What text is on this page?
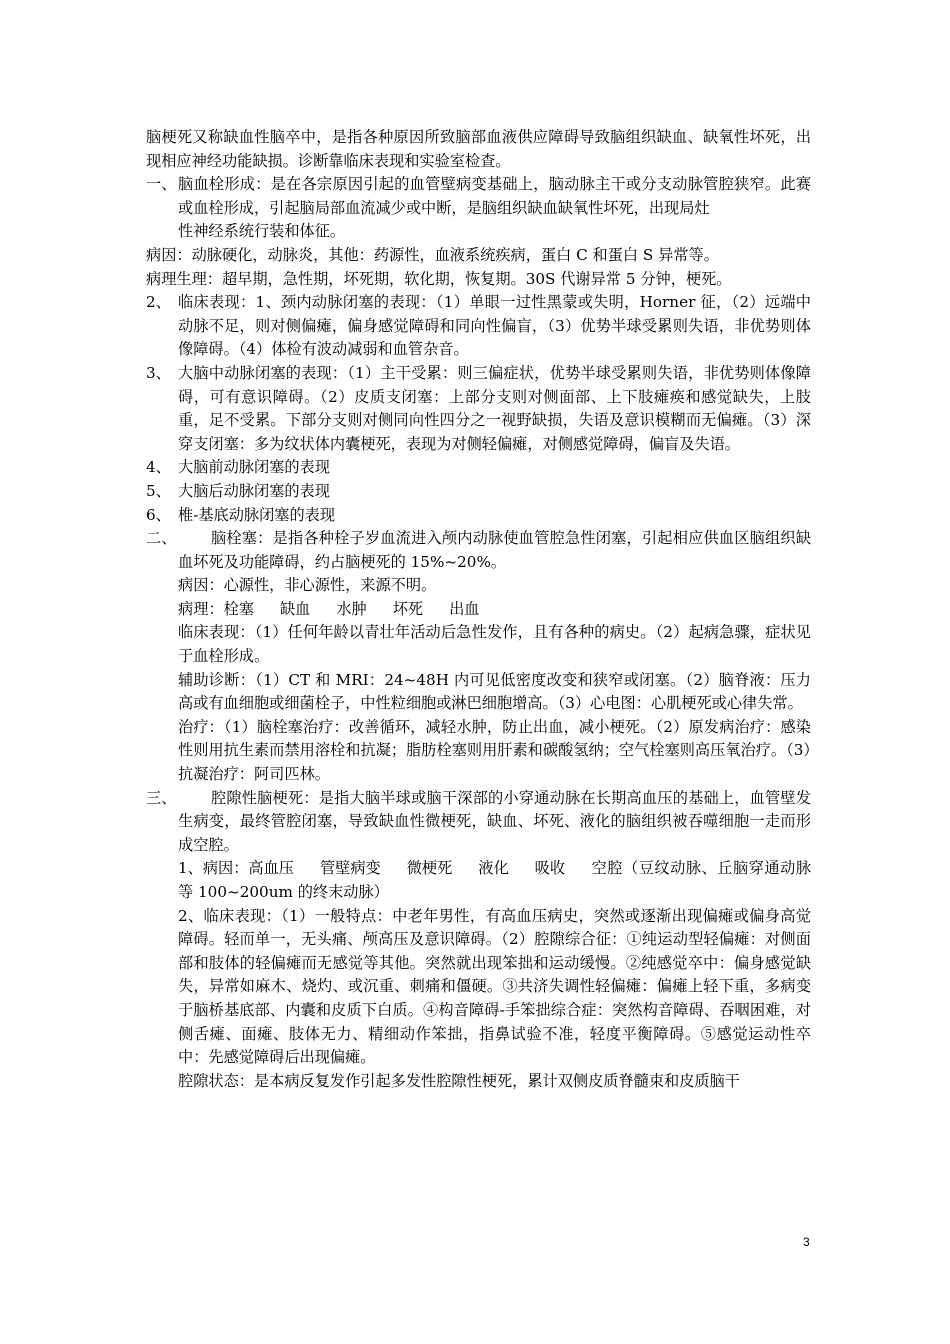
脑梗死又称缺血性脑卒中，是指各种原因所致脑部血液供应障碍导致脑组织缺血、缺氧性坏死，出现相应神经功能缺损。诊断靠临床表现和实验室检查。

一、 脑血栓形成：是在各宗原因引起的血管壁病变基础上，脑动脉主干或分支动脉管腔狭窄。此赛或血栓形成，引起脑局部血流减少或中断，是脑组织缺血缺氧性坏死，出现局灶

性神经系统行装和体征。

病因：动脉硬化，动脉炎，其他：药源性，血液系统疾病，蛋白 C 和蛋白 S 异常等。

病理生理：超早期，急性期，坏死期，软化期，恢复期。30S 代谢异常 5 分钟，梗死。

2、 临床表现：1、颈内动脉闭塞的表现：（1）单眼一过性黑蒙或失明，Horner 征，（2）远端中动脉不足，则对侧偏瘫，偏身感觉障碍和同向性偏盲，（3）优势半球受累则失语，非优势则体像障碍。（4）体检有波动减弱和血管杂音。
3、 大脑中动脉闭塞的表现：（1）主干受累：则三偏症状，优势半球受累则失语，非优势则体像障碍，可有意识障碍。（2）皮质支闭塞：上部分支则对侧面部、上下肢瘫痪和感觉缺失，上肢重，足不受累。下部分支则对侧同向性四分之一视野缺损，失语及意识模糊而无偏瘫。（3）深穿支闭塞：多为纹状体内囊梗死，表现为对侧轻偏瘫，对侧感觉障碍，偏盲及失语。
4、 大脑前动脉闭塞的表现
5、 大脑后动脉闭塞的表现
6、 椎-基底动脉闭塞的表现
二、	脑栓塞：是指各种栓子岁血流进入颅内动脉使血管腔急性闭塞，引起相应供血区脑组织缺血坏死及功能障碍，约占脑梗死的 15%~20%。

病因：心源性，非心源性，来源不明。

病理：栓塞 缺血 水肿 坏死 出血

临床表现：（1）任何年龄以青壮年活动后急性发作，且有各种的病史。（2）起病急骤，症状见于血栓形成。

辅助诊断：（1）CT 和 MRI：24~48H 内可见低密度改变和狭窄或闭塞。（2）脑脊液：压力高或有血细胞或细菌栓子，中性粒细胞或淋巴细胞增高。（3）心电图：心肌梗死或心律失常。

治疗：（1）脑栓塞治疗：改善循环，减轻水肿，防止出血，减小梗死。（2）原发病治疗：感染性则用抗生素而禁用溶栓和抗凝；脂肪栓塞则用肝素和碳酸氢纳；空气栓塞则高压氧治疗。（3）抗凝治疗：阿司匹林。

三、	腔隙性脑梗死：是指大脑半球或脑干深部的小穿通动脉在长期高血压的基础上，血管壁发生病变，最终管腔闭塞，导致缺血性微梗死，缺血、坏死、液化的脑组织被吞噬细胞一走而形成空腔。

1、病因：高血压 管壁病变 微梗死 液化 吸收 空腔（豆纹动脉、丘脑穿通动脉等 100~200um 的终末动脉）

2、临床表现：（1）一般特点：中老年男性，有高血压病史，突然或逐渐出现偏瘫或偏身高觉障碍。轻而单一，无头痛、颅高压及意识障碍。（2）腔隙综合征：①纯运动型轻偏瘫：对侧面部和肢体的轻偏瘫而无感觉等其他。突然就出现笨拙和运动缓慢。②纯感觉卒中：偏身感觉缺失，异常如麻木、烧灼、或沉重、刺痛和僵硬。③共济失调性轻偏瘫：偏瘫上轻下重，多病变于脑桥基底部、内囊和皮质下白质。④构音障碍-手笨拙综合症：突然构音障碍、吞咽困难，对侧舌瘫、面瘫、肢体无力、精细动作笨拙，指鼻试验不准，轻度平衡障碍。⑤感觉运动性卒中：先感觉障碍后出现偏瘫。

腔隙状态：是本病反复发作引起多发性腔隙性梗死，累计双侧皮质脊髓束和皮质脑干

3
